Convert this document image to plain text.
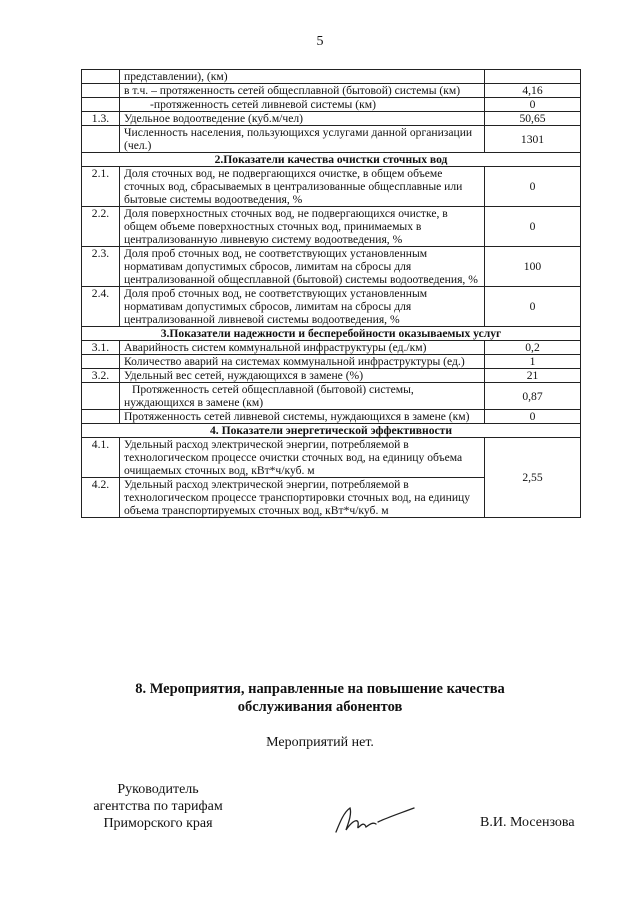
5
	представлении), (км)	
	в т.ч. – протяженность сетей общесплавной (бытовой) системы (км)	4,16
	-протяженность сетей ливневой системы (км)	0
1.3.	Удельное водоотведение (куб.м/чел)	50,65
	Численность населения, пользующихся услугами данной организации (чел.)	1301
2.Показатели качества очистки сточных вод		
2.1.	Доля сточных вод, не подвергающихся очистке, в общем объеме сточных вод, сбрасываемых в централизованные общесплавные или бытовые системы водоотведения, %	0
2.2.	Доля поверхностных сточных вод, не подвергающихся очистке, в общем объеме поверхностных сточных вод, принимаемых в централизованную ливневую систему водоотведения, %	0
2.3.	Доля проб сточных вод, не соответствующих установленным нормативам допустимых сбросов, лимитам на сбросы для централизованной общесплавной (бытовой) системы водоотведения, %	100
2.4.	Доля проб сточных вод, не соответствующих установленным нормативам допустимых сбросов, лимитам на сбросы для централизованной ливневой системы водоотведения, %	0
3.Показатели надежности и бесперебойности оказываемых услуг		
3.1.	Аварийность систем коммунальной инфраструктуры (ед./км)	0,2
	Количество аварий на системах коммунальной инфраструктуры (ед.)	1
3.2.	Удельный вес сетей, нуждающихся в замене (%)	21
	Протяженность сетей общесплавной (бытовой) системы, нуждающихся в замене (км)	0,87
	Протяженность сетей ливневой системы, нуждающихся в замене (км)	0
4. Показатели энергетической эффективности		
4.1.	Удельный расход электрической энергии, потребляемой в технологическом процессе очистки сточных вод, на единицу объема очищаемых сточных вод, кВт*ч/куб. м	2,55
4.2.	Удельный расход электрической энергии, потребляемой в технологическом процессе транспортировки сточных вод, на единицу объема транспортируемых сточных вод, кВт*ч/куб. м	
8. Мероприятия, направленные на повышение качества
обслуживания абонентов
Мероприятий нет.
Руководитель
агентства по тарифам
Приморского края	В.И. Мосензова
